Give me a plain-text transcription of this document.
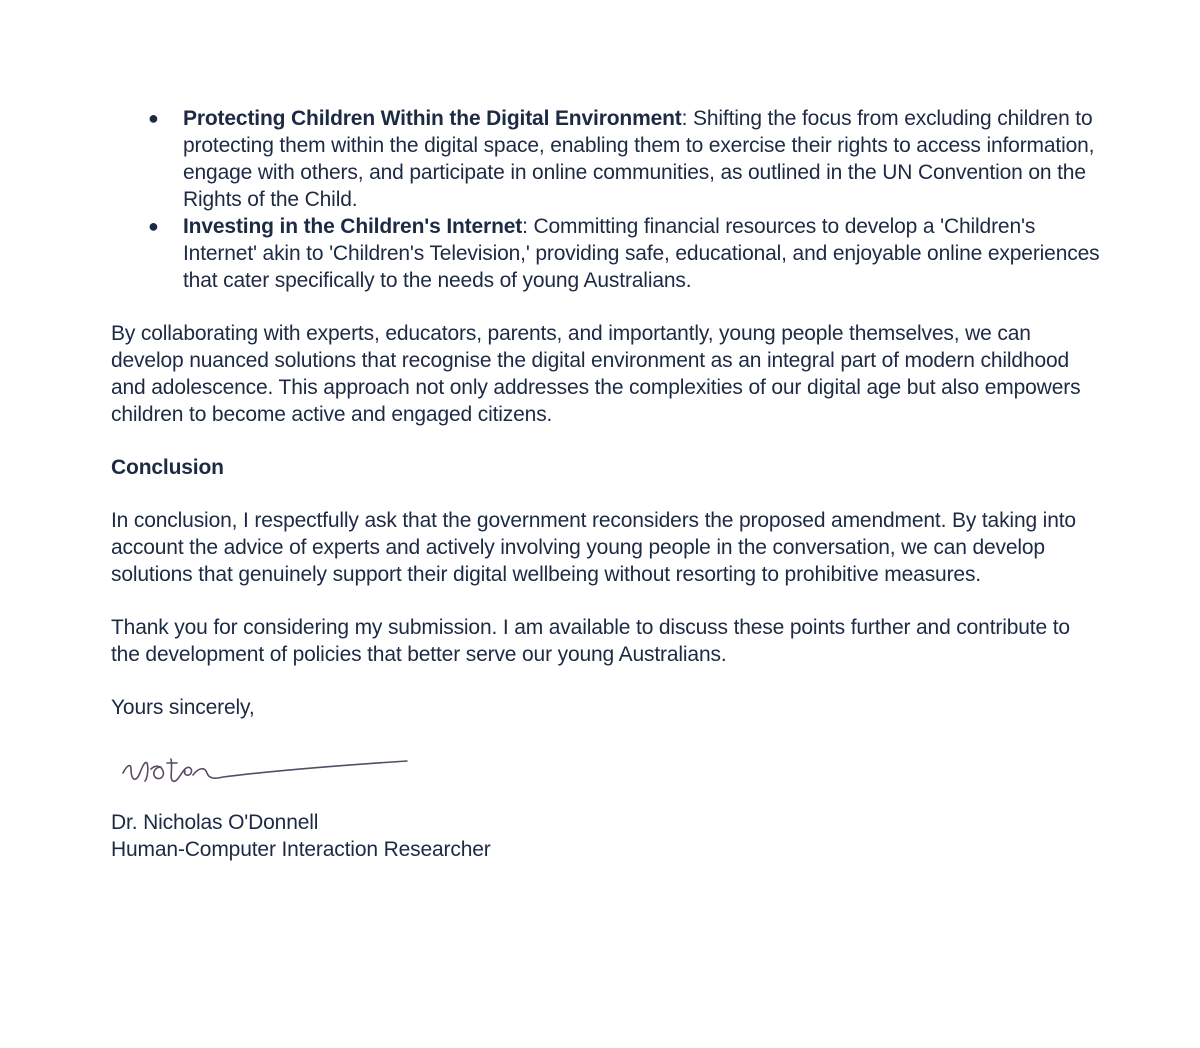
● Protecting Children Within the Digital Environment: Shifting the focus from excluding children to protecting them within the digital space, enabling them to exercise their rights to access information, engage with others, and participate in online communities, as outlined in the UN Convention on the Rights of the Child.
● Investing in the Children's Internet: Committing financial resources to develop a 'Children's Internet' akin to 'Children's Television,' providing safe, educational, and enjoyable online experiences that cater specifically to the needs of young Australians.

By collaborating with experts, educators, parents, and importantly, young people themselves, we can develop nuanced solutions that recognise the digital environment as an integral part of modern childhood and adolescence. This approach not only addresses the complexities of our digital age but also empowers children to become active and engaged citizens.

Conclusion

In conclusion, I respectfully ask that the government reconsiders the proposed amendment. By taking into account the advice of experts and actively involving young people in the conversation, we can develop solutions that genuinely support their digital wellbeing without resorting to prohibitive measures.

Thank you for considering my submission. I am available to discuss these points further and contribute to the development of policies that better serve our young Australians.

Yours sincerely,

Dr. Nicholas O'Donnell
Human-Computer Interaction Researcher
